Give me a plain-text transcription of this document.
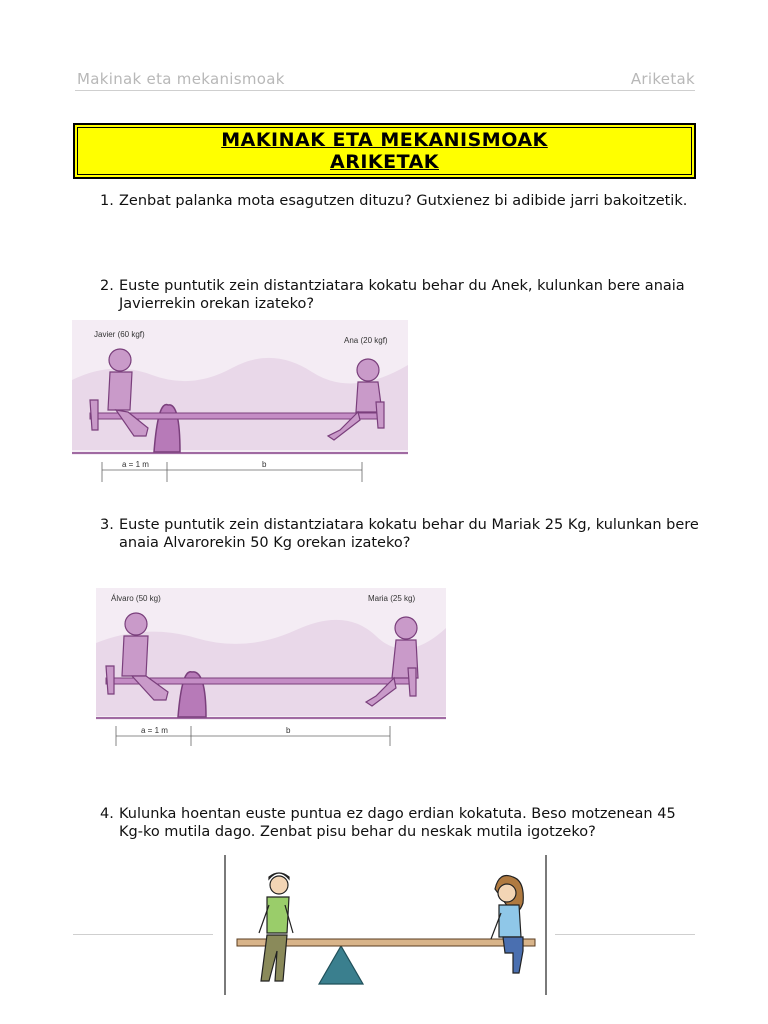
Makinak eta mekanismoak	Ariketak
MAKINAK ETA MEKANISMOAK
ARIKETAK
1. Zenbat palanka mota esagutzen dituzu? Gutxienez bi adibide jarri bakoitzetik.
2. Euste puntutik zein distantziatara kokatu behar du Anek, kulunkan bere anaia Javierrekin orekan izateko?
Javier (60 kgf)
Ana (20 kgf)
a = 1 m	b
3. Euste puntutik zein distantziatara kokatu behar du Mariak 25 Kg, kulunkan bere anaia Alvarorekin 50 Kg orekan izateko?
Álvaro (50 kg)	Maria (25 kg)
a = 1 m	b
4. Kulunka hoentan euste puntua ez dago erdian kokatuta. Beso motzenean 45 Kg-ko mutila dago. Zenbat pisu behar du neskak mutila igotzeko?
